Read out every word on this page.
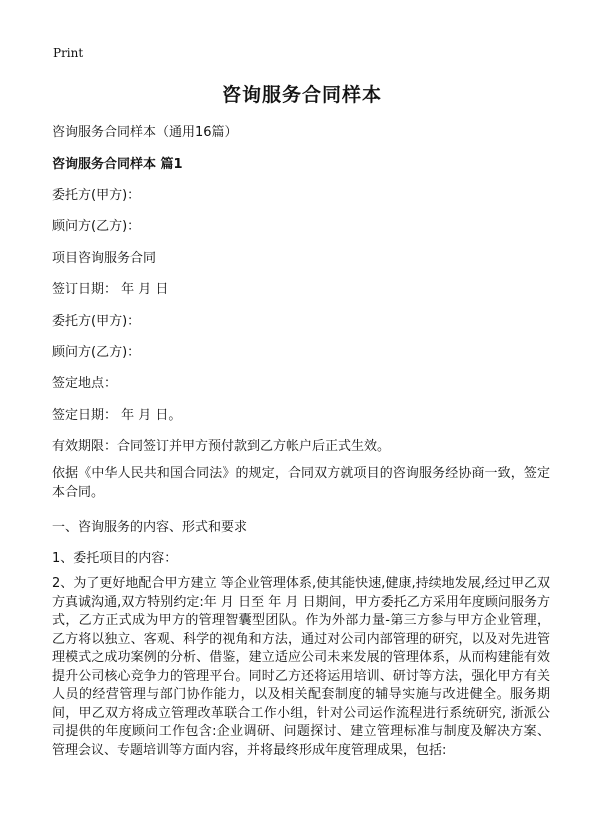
Print
咨询服务合同样本
咨询服务合同样本（通用16篇）
咨询服务合同样本 篇1
委托方(甲方)：
顾问方(乙方)：
项目咨询服务合同
签订日期： 年 月 日
委托方(甲方)：
顾问方(乙方)：
签定地点：
签定日期： 年 月 日。
有效期限：合同签订并甲方预付款到乙方帐户后正式生效。
依据《中华人民共和国合同法》的规定，合同双方就项目的咨询服务经协商一致，签定本合同。
一、咨询服务的内容、形式和要求
1、委托项目的内容：
2、为了更好地配合甲方建立 等企业管理体系,使其能快速,健康,持续地发展,经过甲乙双方真诚沟通,双方特别约定:年 月 日至 年 月 日期间，甲方委托乙方采用年度顾问服务方式，乙方正式成为甲方的管理智囊型团队。作为外部力量-第三方参与甲方企业管理，乙方将以独立、客观、科学的视角和方法，通过对公司内部管理的研究，以及对先进管理模式之成功案例的分析、借鉴，建立适应公司未来发展的管理体系，从而构建能有效提升公司核心竞争力的管理平台。同时乙方还将运用培训、研讨等方法，强化甲方有关人员的经营管理与部门协作能力，以及相关配套制度的辅导实施与改进健全。服务期间，甲乙双方将成立管理改革联合工作小组，针对公司运作流程进行系统研究, 浙派公司提供的年度顾问工作包含:企业调研、问题探讨、建立管理标准与制度及解决方案、管理会议、专题培训等方面内容，并将最终形成年度管理成果，包括:
